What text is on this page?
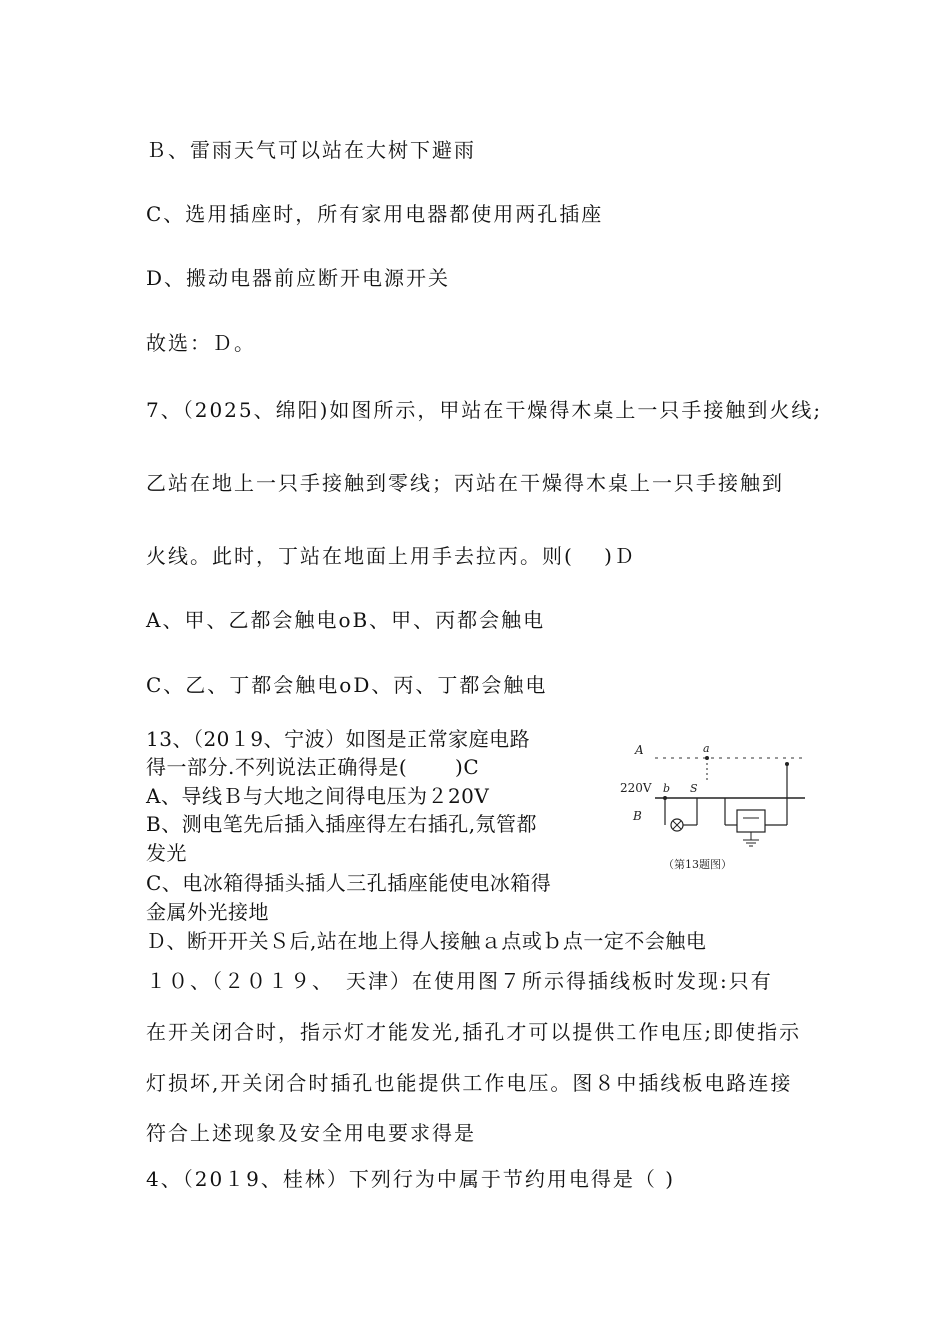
Ｂ、雷雨天气可以站在大树下避雨
C、选用插座时，所有家用电器都使用两孔插座
D、搬动电器前应断开电源开关
故选：Ｄ。
7、（2025、绵阳)如图所示，甲站在干燥得木桌上一只手接触到火线;
乙站在地上一只手接触到零线；丙站在干燥得木桌上一只手接触到
火线。此时，丁站在地面上用手去拉丙。则(　 )Ｄ
A、甲、乙都会触电oB、甲、丙都会触电
C、乙、丁都会触电oD、丙、丁都会触电
13、（20１9、宁波）如图是正常家庭电路
得一部分.不列说法正确得是(　　 )C
A、导线Ｂ与大地之间得电压为２20V
B、测电笔先后插入插座得左右插孔,氖管都
发光
C、电冰箱得插头插人三孔插座能使电冰箱得
金属外光接地
Ｄ、断开开关Ｓ后,站在地上得人接触ａ点或ｂ点一定不会触电
１０、（２０１９、　天津）在使用图７所示得插线板时发现:只有
在开关闭合时，指示灯才能发光,插孔才可以提供工作电压;即使指示
灯损坏,开关闭合时插孔也能提供工作电压。图８中插线板电路连接
符合上述现象及安全用电要求得是
4、（20１9、桂林）下列行为中属于节约用电得是（ )
A
220V
B
b
a
S
（第13题图）
